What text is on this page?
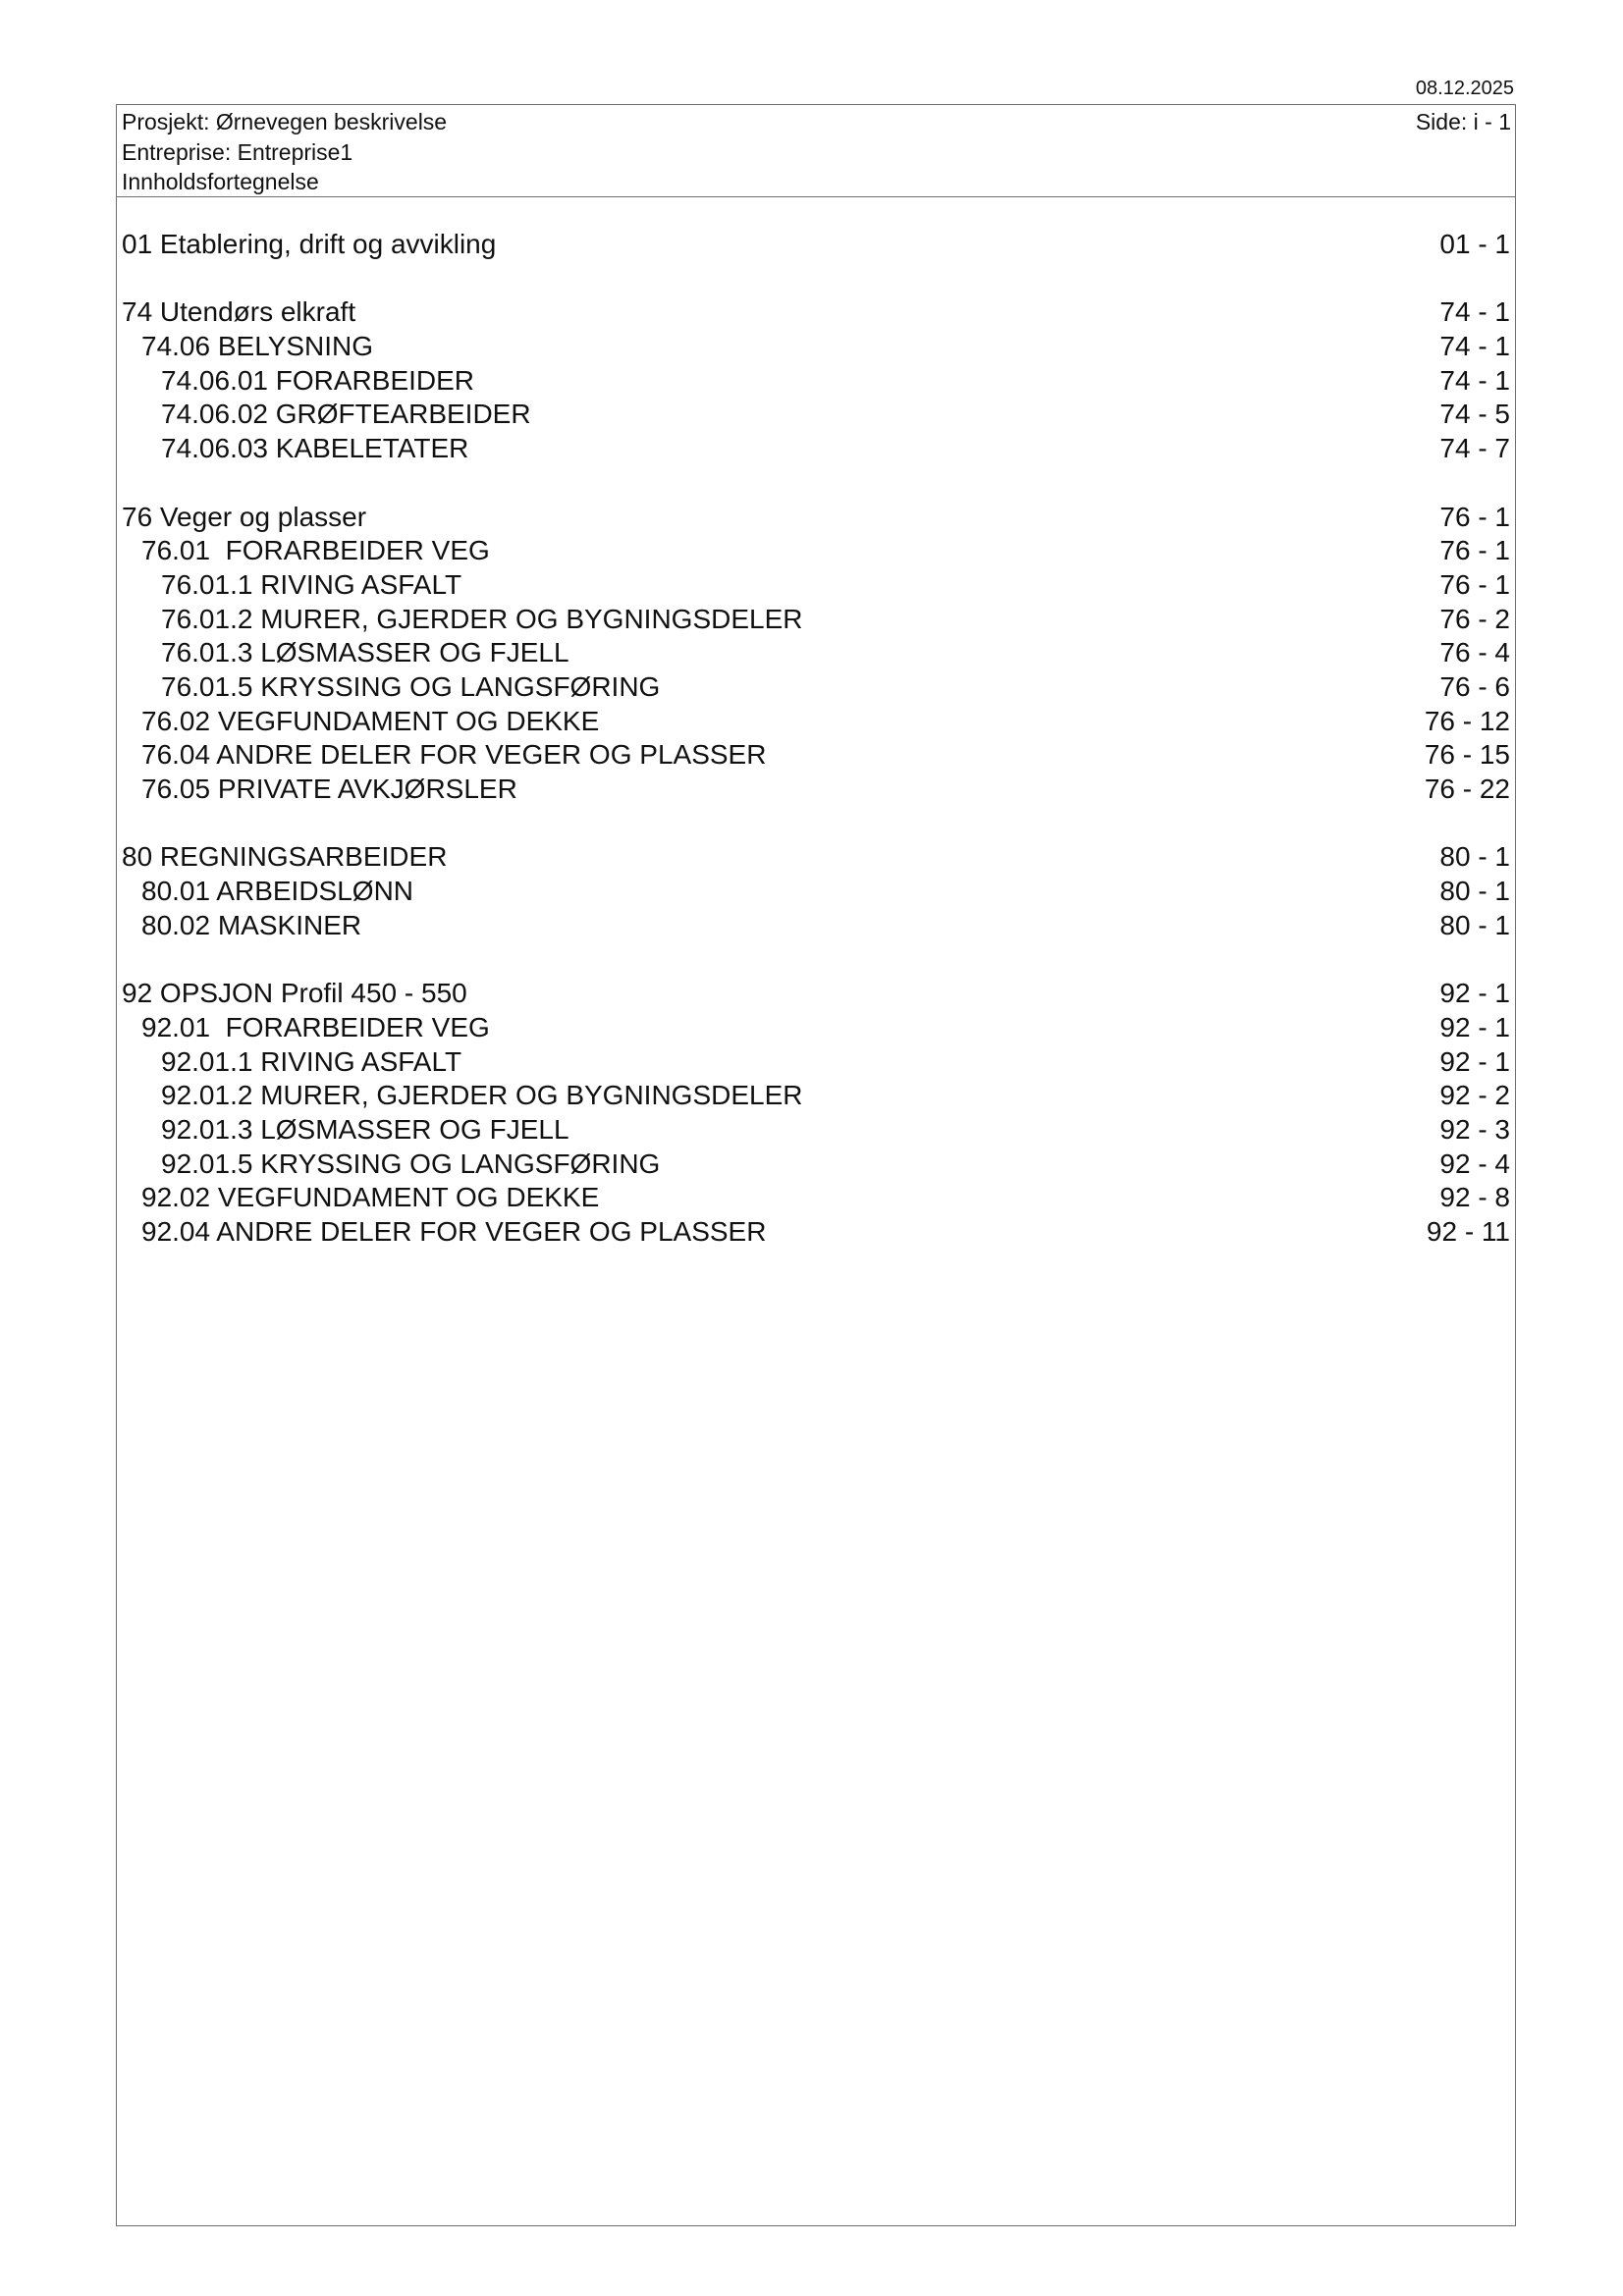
08.12.2025
Prosjekt: Ørnevegen beskrivelse
Entreprise: Entreprise1
Innholdsfortegnelse
Side: i - 1
01 Etablering, drift og avvikling	01 - 1
74 Utendørs elkraft	74 - 1
74.06 BELYSNING	74 - 1
74.06.01 FORARBEIDER	74 - 1
74.06.02 GRØFTEARBEIDER	74 - 5
74.06.03 KABELETATER	74 - 7
76 Veger og plasser	76 - 1
76.01  FORARBEIDER VEG	76 - 1
76.01.1 RIVING ASFALT	76 - 1
76.01.2 MURER, GJERDER OG BYGNINGSDELER	76 - 2
76.01.3 LØSMASSER OG FJELL	76 - 4
76.01.5 KRYSSING OG LANGSFØRING	76 - 6
76.02 VEGFUNDAMENT OG DEKKE	76 - 12
76.04 ANDRE DELER FOR VEGER OG PLASSER	76 - 15
76.05 PRIVATE AVKJØRSLER	76 - 22
80 REGNINGSARBEIDER	80 - 1
80.01 ARBEIDSLØNN	80 - 1
80.02 MASKINER	80 - 1
92 OPSJON Profil 450 - 550	92 - 1
92.01  FORARBEIDER VEG	92 - 1
92.01.1 RIVING ASFALT	92 - 1
92.01.2 MURER, GJERDER OG BYGNINGSDELER	92 - 2
92.01.3 LØSMASSER OG FJELL	92 - 3
92.01.5 KRYSSING OG LANGSFØRING	92 - 4
92.02 VEGFUNDAMENT OG DEKKE	92 - 8
92.04 ANDRE DELER FOR VEGER OG PLASSER	92 - 11
